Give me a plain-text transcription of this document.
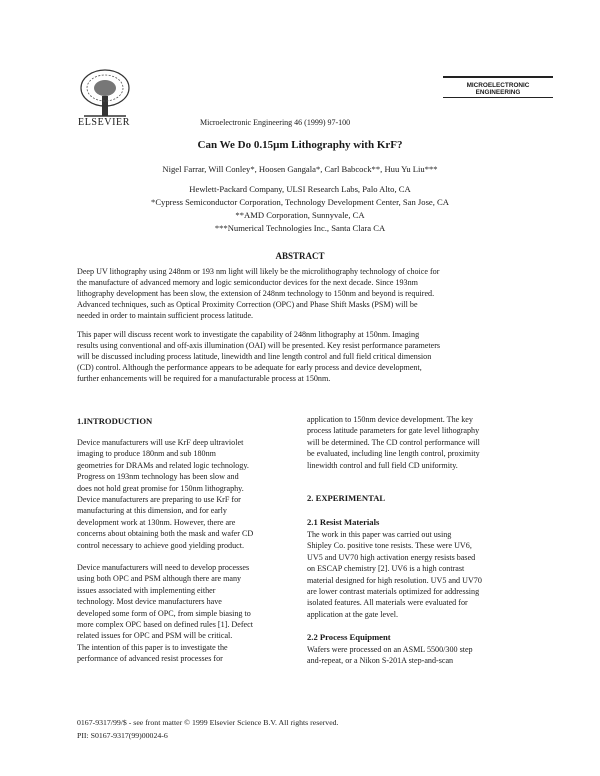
ELSEVIER
MICROELECTRONIC
ENGINEERING
Microelectronic Engineering 46 (1999) 97-100
Can We Do 0.15μm Lithography with KrF?
Nigel Farrar, Will Conley*, Hoosen Gangala*, Carl Babcock**, Huu Yu Liu***
Hewlett-Packard Company, ULSI Research Labs, Palo Alto, CA
*Cypress Semiconductor Corporation, Technology Development Center, San Jose, CA
**AMD Corporation, Sunnyvale, CA
***Numerical Technologies Inc., Santa Clara CA
ABSTRACT
Deep UV lithography using 248nm or 193 nm light will likely be the microlithography technology of choice for
the manufacture of advanced memory and logic semiconductor devices for the next decade. Since 193nm
lithography development has been slow, the extension of 248nm technology to 150nm and beyond is required.
Advanced techniques, such as Optical Proximity Correction (OPC) and Phase Shift Masks (PSM) will be
needed in order to maintain sufficient process latitude.
This paper will discuss recent work to investigate the capability of 248nm lithography at 150nm. Imaging
results using conventional and off-axis illumination (OAI) will be presented. Key resist performance parameters
will be discussed including process latitude, linewidth and line length control and full field critical dimension
(CD) control. Although the performance appears to be adequate for early process and device development,
further enhancements will be required for a manufacturable process at 150nm.
1.INTRODUCTION
Device manufacturers will use KrF deep ultraviolet
imaging to produce 180nm and sub 180nm
geometries for DRAMs and related logic technology.
Progress on 193nm technology has been slow and
does not hold great promise for 150nm lithography.
Device manufacturers are preparing to use KrF for
manufacturing at this dimension, and for early
development work at 130nm. However, there are
concerns about obtaining both the mask and wafer CD
control necessary to achieve good yielding product.
Device manufacturers will need to develop processes
using both OPC and PSM although there are many
issues associated with implementing either
technology. Most device manufacturers have
developed some form of OPC, from simple biasing to
more complex OPC based on defined rules [1]. Defect
related issues for OPC and PSM will be critical.
The intention of this paper is to investigate the
performance of advanced resist processes for
application to 150nm device development. The key
process latitude parameters for gate level lithography
will be determined. The CD control performance will
be evaluated, including line length control, proximity
linewidth control and full field CD uniformity.
2. EXPERIMENTAL
2.1 Resist Materials
The work in this paper was carried out using
Shipley Co. positive tone resists. These were UV6,
UV5 and UV70 high activation energy resists based
on ESCAP chemistry [2]. UV6 is a high contrast
material designed for high resolution. UV5 and UV70
are lower contrast materials optimized for addressing
isolated features. All materials were evaluated for
application at the gate level.
2.2 Process Equipment
Wafers were processed on an ASML 5500/300 step
and-repeat, or a Nikon S-201A step-and-scan
0167-9317/99/$ - see front matter © 1999 Elsevier Science B.V. All rights reserved.
PII: S0167-9317(99)00024-6
